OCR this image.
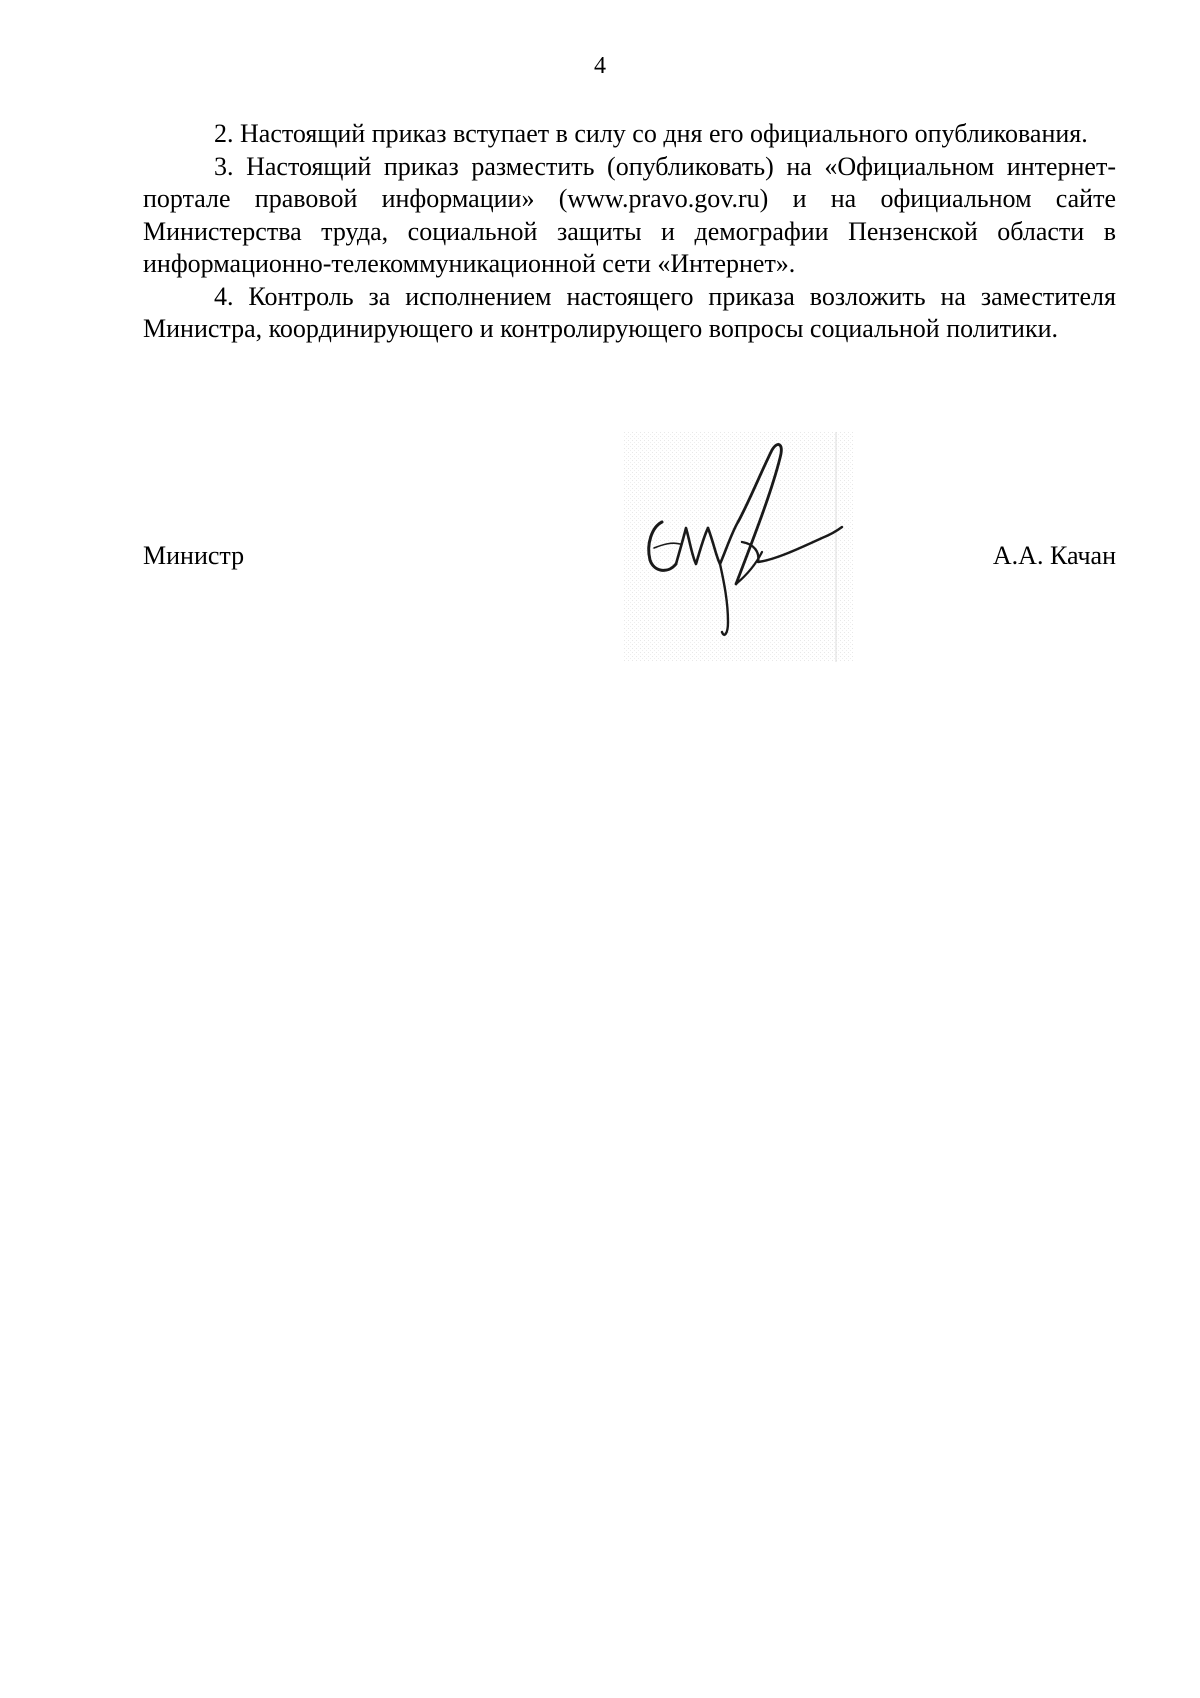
4

2. Настоящий приказ вступает в силу со дня его официального опубликования.

3. Настоящий приказ разместить (опубликовать) на «Официальном интернет-портале правовой информации» (www.pravo.gov.ru) и на официальном сайте Министерства труда, социальной защиты и демографии Пензенской области в информационно-телекоммуникационной сети «Интернет».

4. Контроль за исполнением настоящего приказа возложить на заместителя Министра, координирующего и контролирующего вопросы социальной политики.

Министр	А.А. Качан
